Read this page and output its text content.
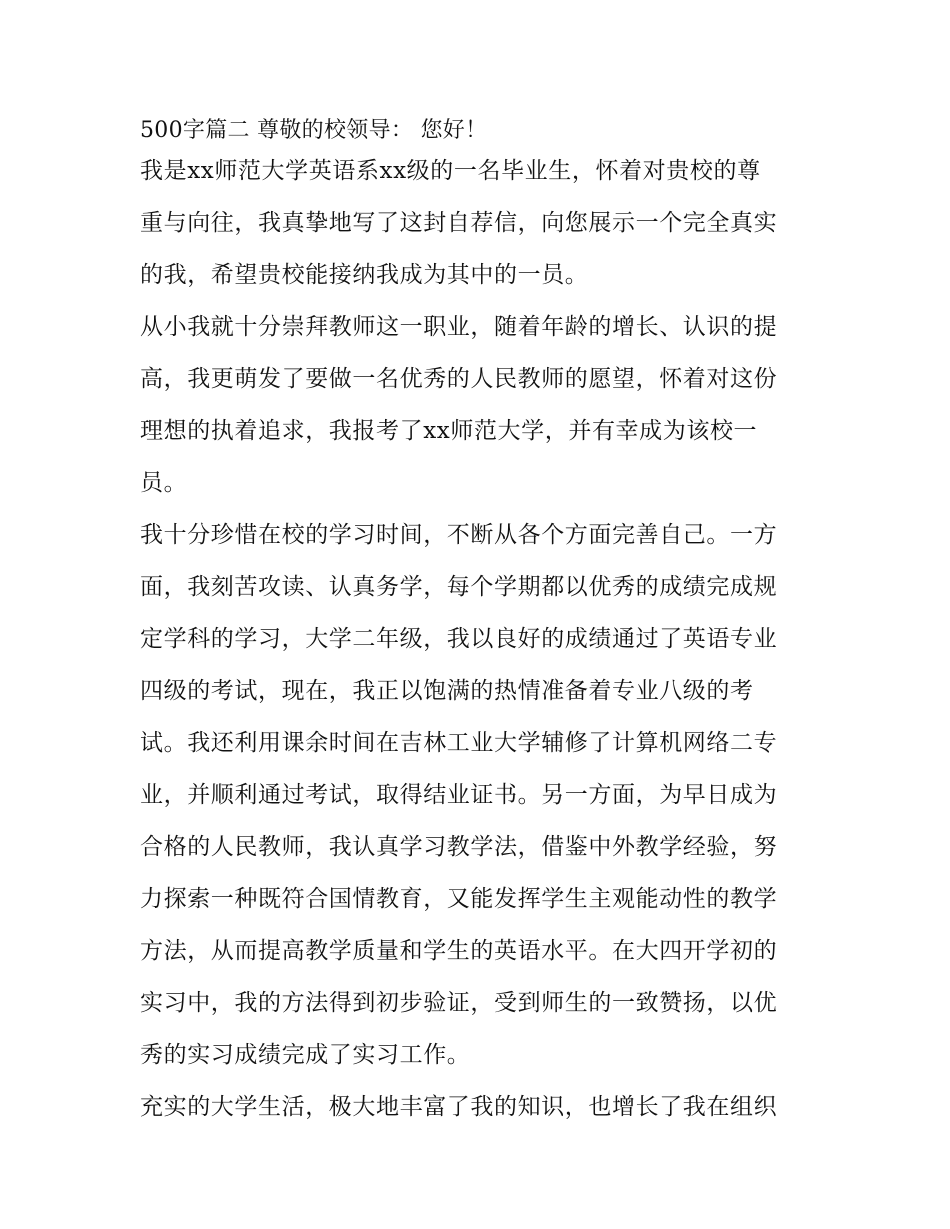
500字篇二 尊敬的校领导： 您好！
我是xx师范大学英语系xx级的一名毕业生，怀着对贵校的尊
重与向往，我真挚地写了这封自荐信，向您展示一个完全真实
的我，希望贵校能接纳我成为其中的一员。
从小我就十分崇拜教师这一职业，随着年龄的增长、认识的提
高，我更萌发了要做一名优秀的人民教师的愿望，怀着对这份
理想的执着追求，我报考了xx师范大学，并有幸成为该校一
员。
我十分珍惜在校的学习时间，不断从各个方面完善自己。一方
面，我刻苦攻读、认真务学，每个学期都以优秀的成绩完成规
定学科的学习，大学二年级，我以良好的成绩通过了英语专业
四级的考试，现在，我正以饱满的热情准备着专业八级的考
试。我还利用课余时间在吉林工业大学辅修了计算机网络二专
业，并顺利通过考试，取得结业证书。另一方面，为早日成为
合格的人民教师，我认真学习教学法，借鉴中外教学经验，努
力探索一种既符合国情教育，又能发挥学生主观能动性的教学
方法，从而提高教学质量和学生的英语水平。在大四开学初的
实习中，我的方法得到初步验证，受到师生的一致赞扬，以优
秀的实习成绩完成了实习工作。
充实的大学生活，极大地丰富了我的知识，也增长了我在组织
